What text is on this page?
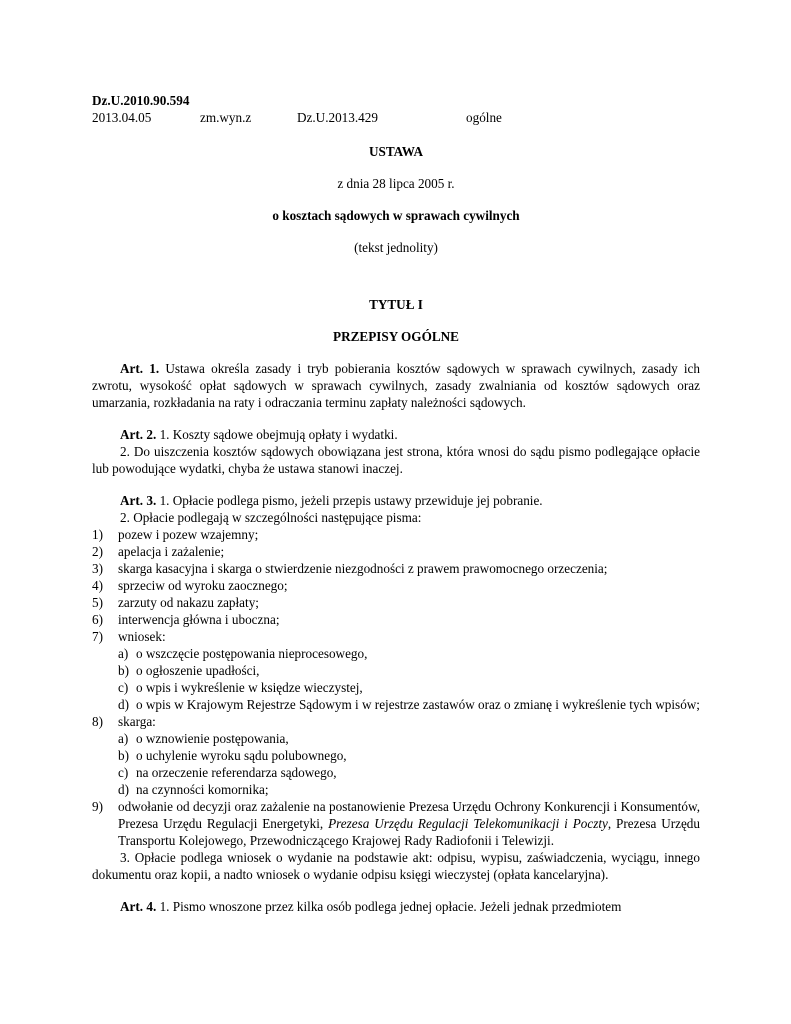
Dz.U.2010.90.594

2013.04.05	zm.wyn.z	Dz.U.2013.429	ogólne
USTAWA
z dnia 28 lipca 2005 r.
o kosztach sądowych w sprawach cywilnych
(tekst jednolity)
TYTUŁ I
PRZEPISY OGÓLNE

Art. 1. Ustawa określa zasady i tryb pobierania kosztów sądowych w sprawach cywilnych, zasady ich zwrotu, wysokość opłat sądowych w sprawach cywilnych, zasady zwalniania od kosztów sądowych oraz umarzania, rozkładania na raty i odraczania terminu zapłaty należności sądowych.

Art. 2. 1. Koszty sądowe obejmują opłaty i wydatki.

2. Do uiszczenia kosztów sądowych obowiązana jest strona, która wnosi do sądu pismo podlegające opłacie lub powodujące wydatki, chyba że ustawa stanowi inaczej.

Art. 3. 1. Opłacie podlega pismo, jeżeli przepis ustawy przewiduje jej pobranie.

2. Opłacie podlegają w szczególności następujące pisma:

1)	pozew i pozew wzajemny;
2)	apelacja i zażalenie;
3)	skarga kasacyjna i skarga o stwierdzenie niezgodności z prawem prawomocnego orzeczenia;
4)	sprzeciw od wyroku zaocznego;
5)	zarzuty od nakazu zapłaty;
6)	interwencja główna i uboczna;
7)	wniosek:
a) o wszczęcie postępowania nieprocesowego,
b) o ogłoszenie upadłości,
c) o wpis i wykreślenie w księdze wieczystej,
d) o wpis w Krajowym Rejestrze Sądowym i w rejestrze zastawów oraz o zmianę i wykreślenie tych wpisów;
8)	skarga:
a) o wznowienie postępowania,
b) o uchylenie wyroku sądu polubownego,
c) na orzeczenie referendarza sądowego,
d) na czynności komornika;
9)	odwołanie od decyzji oraz zażalenie na postanowienie Prezesa Urzędu Ochrony Konkurencji i Konsumentów, Prezesa Urzędu Regulacji Energetyki, Prezesa Urzędu Regulacji Telekomunikacji i Poczty, Prezesa Urzędu Transportu Kolejowego, Przewodniczącego Krajowej Rady Radiofonii i Telewizji.

3. Opłacie podlega wniosek o wydanie na podstawie akt: odpisu, wypisu, zaświadczenia, wyciągu, innego dokumentu oraz kopii, a nadto wniosek o wydanie odpisu księgi wieczystej (opłata kancelaryjna).

Art. 4. 1. Pismo wnoszone przez kilka osób podlega jednej opłacie. Jeżeli jednak przedmiotem
